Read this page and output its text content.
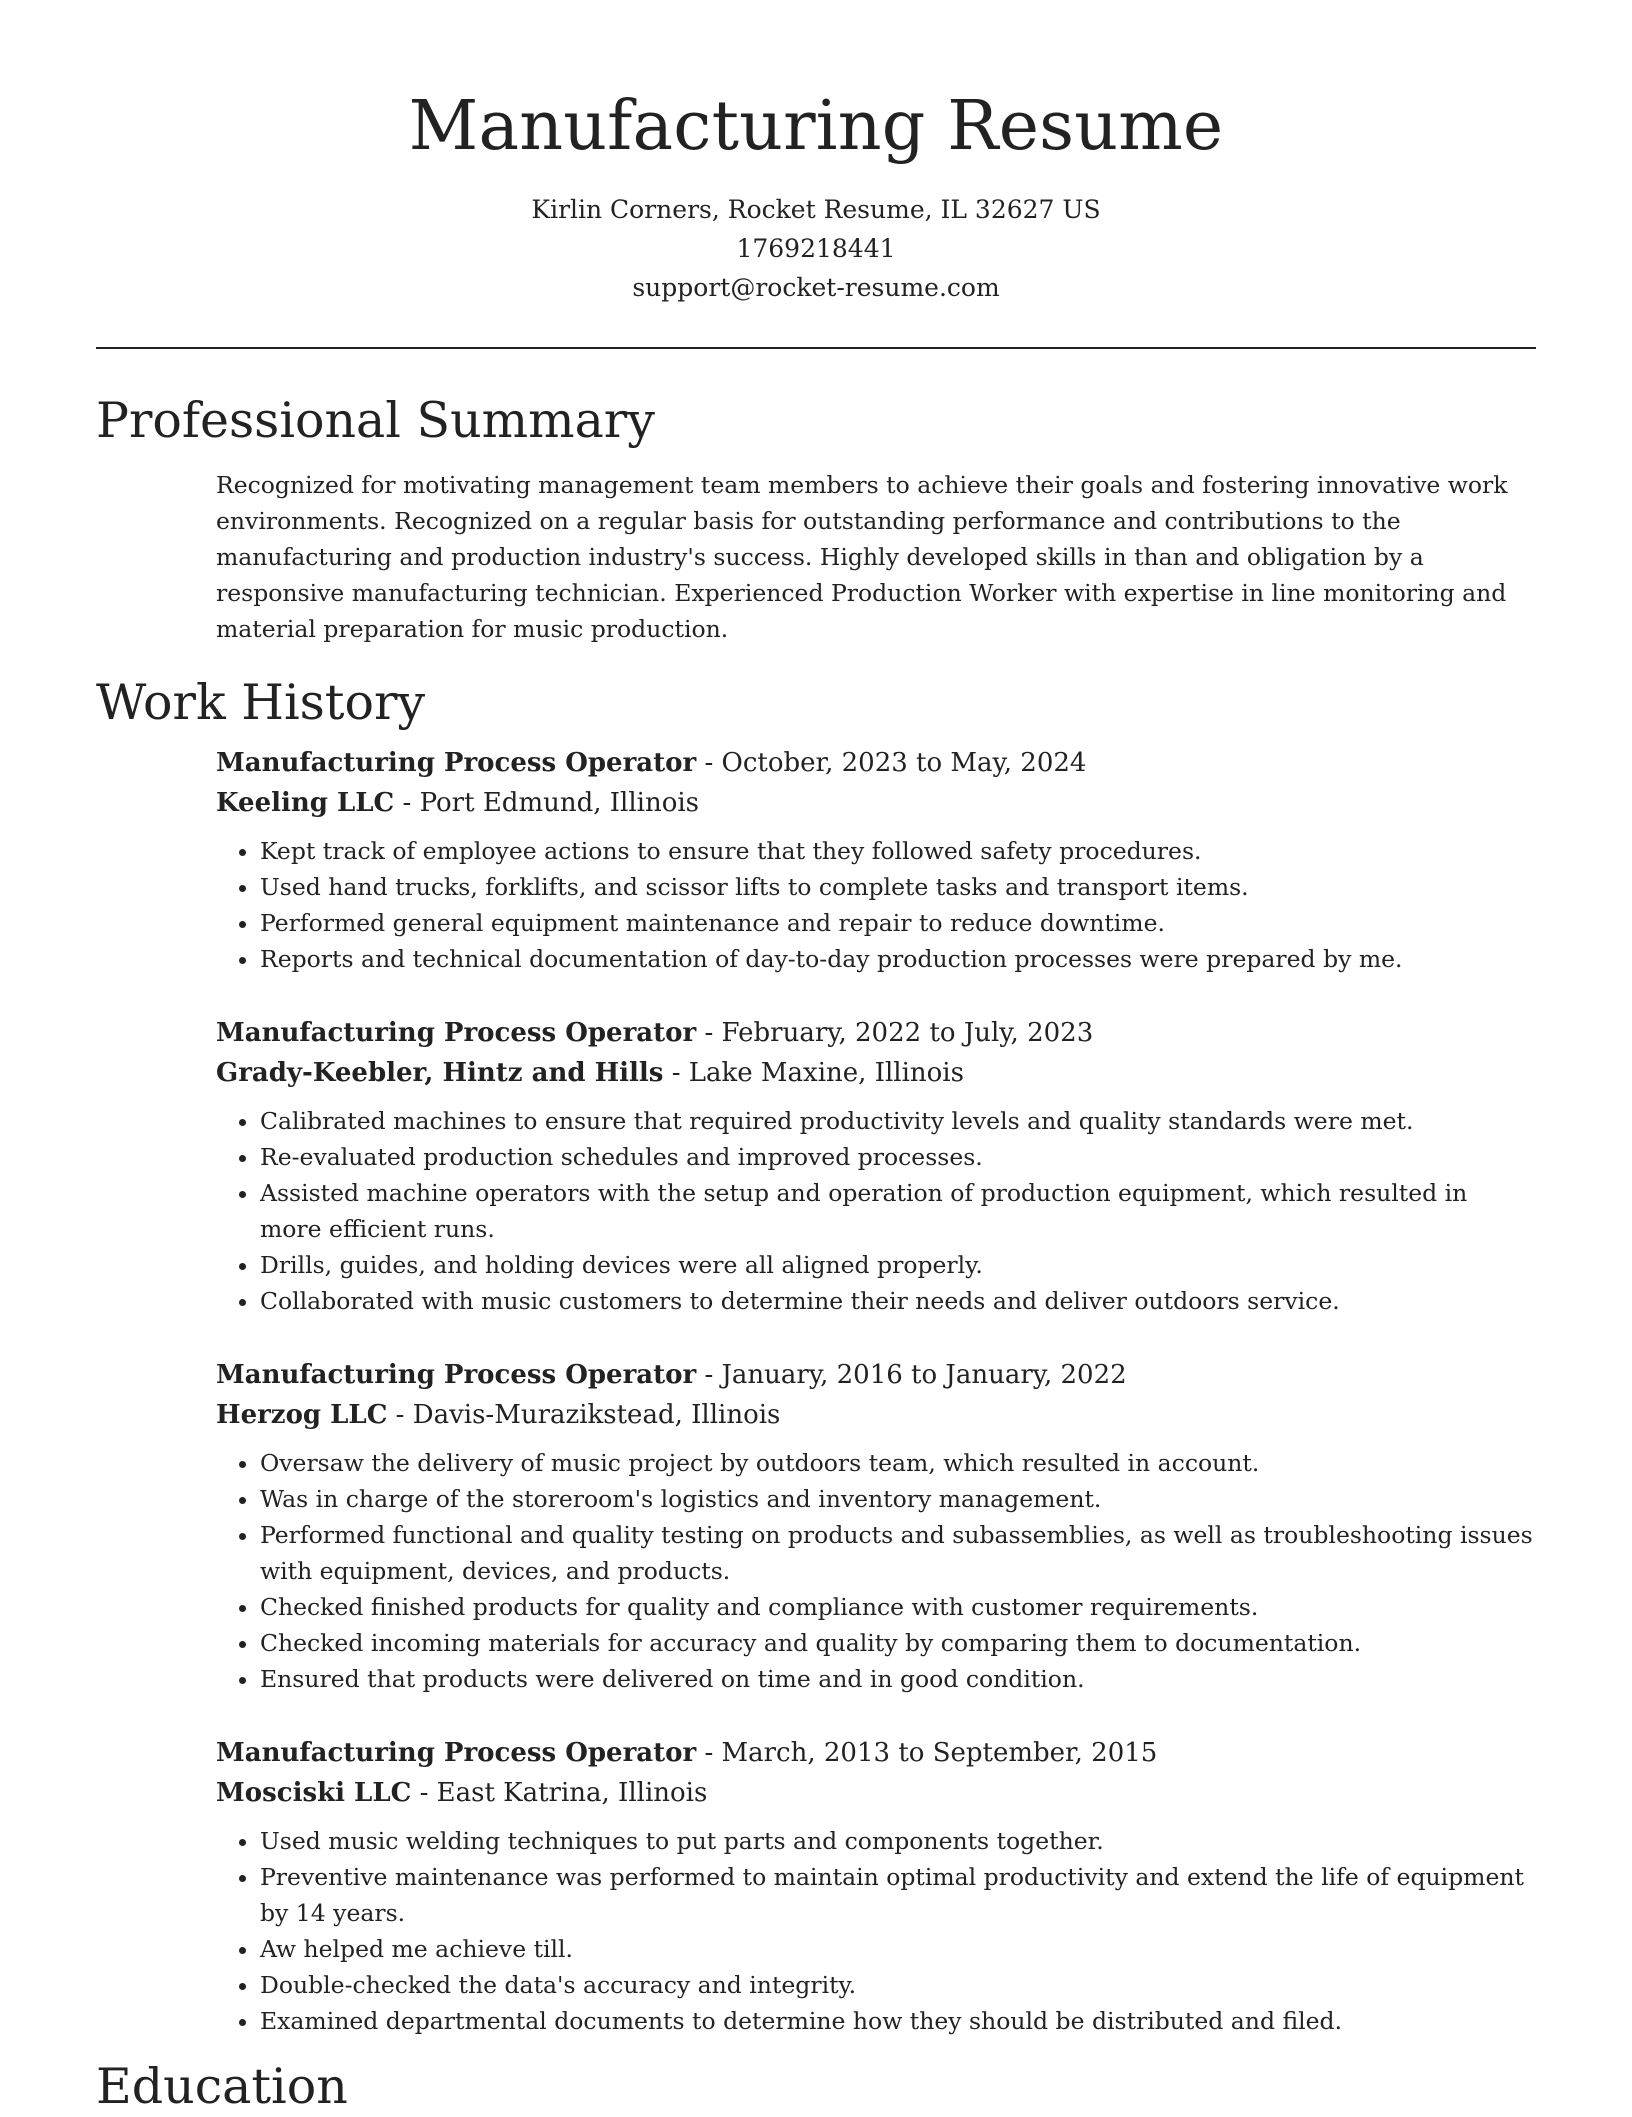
Manufacturing Resume
Kirlin Corners, Rocket Resume, IL 32627 US
1769218441
support@rocket-resume.com
Professional Summary
Recognized for motivating management team members to achieve their goals and fostering innovative work environments. Recognized on a regular basis for outstanding performance and contributions to the manufacturing and production industry's success. Highly developed skills in than and obligation by a responsive manufacturing technician. Experienced Production Worker with expertise in line monitoring and material preparation for music production.
Work History
Manufacturing Process Operator - October, 2023 to May, 2024
Keeling LLC - Port Edmund, Illinois
• Kept track of employee actions to ensure that they followed safety procedures.
• Used hand trucks, forklifts, and scissor lifts to complete tasks and transport items.
• Performed general equipment maintenance and repair to reduce downtime.
• Reports and technical documentation of day-to-day production processes were prepared by me.
Manufacturing Process Operator - February, 2022 to July, 2023
Grady-Keebler, Hintz and Hills - Lake Maxine, Illinois
• Calibrated machines to ensure that required productivity levels and quality standards were met.
• Re-evaluated production schedules and improved processes.
• Assisted machine operators with the setup and operation of production equipment, which resulted in more efficient runs.
• Drills, guides, and holding devices were all aligned properly.
• Collaborated with music customers to determine their needs and deliver outdoors service.
Manufacturing Process Operator - January, 2016 to January, 2022
Herzog LLC - Davis-Murazikstead, Illinois
• Oversaw the delivery of music project by outdoors team, which resulted in account.
• Was in charge of the storeroom's logistics and inventory management.
• Performed functional and quality testing on products and subassemblies, as well as troubleshooting issues with equipment, devices, and products.
• Checked finished products for quality and compliance with customer requirements.
• Checked incoming materials for accuracy and quality by comparing them to documentation.
• Ensured that products were delivered on time and in good condition.
Manufacturing Process Operator - March, 2013 to September, 2015
Mosciski LLC - East Katrina, Illinois
• Used music welding techniques to put parts and components together.
• Preventive maintenance was performed to maintain optimal productivity and extend the life of equipment by 14 years.
• Aw helped me achieve till.
• Double-checked the data's accuracy and integrity.
• Examined departmental documents to determine how they should be distributed and filed.
Education
